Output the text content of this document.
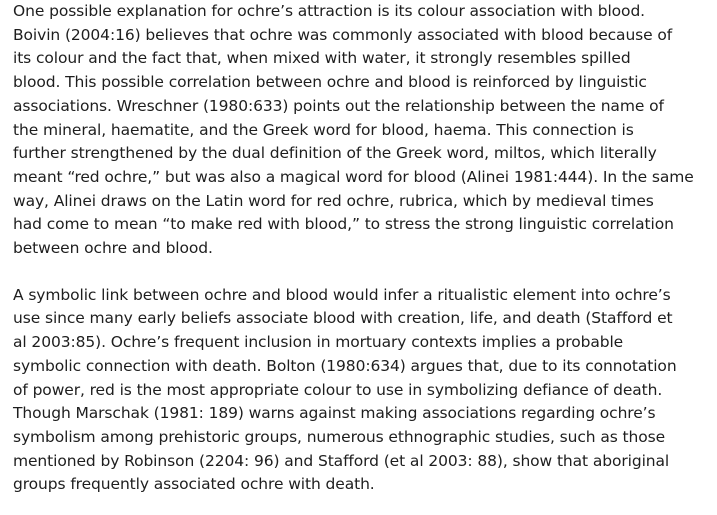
One possible explanation for ochre’s attraction is its colour association with blood.
Boivin (2004:16) believes that ochre was commonly associated with blood because of
its colour and the fact that, when mixed with water, it strongly resembles spilled
blood. This possible correlation between ochre and blood is reinforced by linguistic
associations. Wreschner (1980:633) points out the relationship between the name of
the mineral, haematite, and the Greek word for blood, haema. This connection is
further strengthened by the dual definition of the Greek word, miltos, which literally
meant “red ochre,” but was also a magical word for blood (Alinei 1981:444). In the same
way, Alinei draws on the Latin word for red ochre, rubrica, which by medieval times
had come to mean “to make red with blood,” to stress the strong linguistic correlation
between ochre and blood.

A symbolic link between ochre and blood would infer a ritualistic element into ochre’s
use since many early beliefs associate blood with creation, life, and death (Stafford et
al 2003:85). Ochre’s frequent inclusion in mortuary contexts implies a probable
symbolic connection with death. Bolton (1980:634) argues that, due to its connotation
of power, red is the most appropriate colour to use in symbolizing defiance of death.
Though Marschak (1981: 189) warns against making associations regarding ochre’s
symbolism among prehistoric groups, numerous ethnographic studies, such as those
mentioned by Robinson (2204: 96) and Stafford (et al 2003: 88), show that aboriginal
groups frequently associated ochre with death.
